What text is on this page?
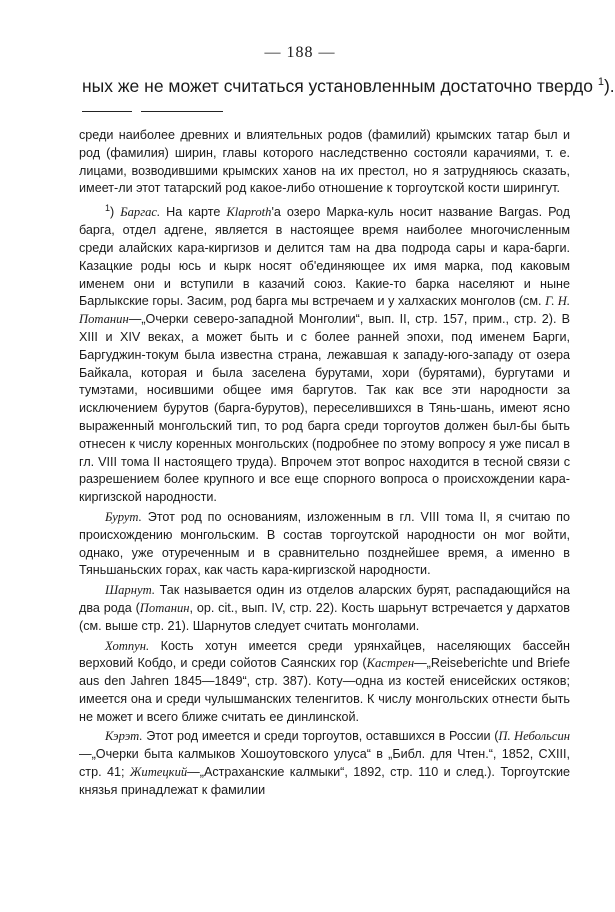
— 188 —
ных же не может считаться установленным достаточно твердо $^1$).

среди наиболее древних и влиятельных родов (фамилий) крымских татар был и род (фамилия) ширин, главы которого наследственно состояли карачиями, т. е. лицами, возводившими крымских ханов на их престол, но я затрудняюсь сказать, имеет-ли этот татарский род какое-либо отношение к торгоутской кости ширингут.

$^1$) Баргас. На карте Klaproth'а озеро Марка-куль носит название Bargas. Род барга, отдел адгене, является в настоящее время наиболее многочисленным среди алайских кара-киргизов и делится там на два подрода сары и кара-барги. Казацкие роды юсь и кырк носят об'единяющее их имя марка, под каковым именем они и вступили в казачий союз. Какие-то барка населяют и ныне Барлыкские горы. Засим, род барга мы встречаем и у халхаских монголов (см. Г. Н. Потанин—„Очерки северо-западной Монголии“, вып. II, стр. 157, прим., стр. 2). В XIII и XIV веках, а может быть и с более ранней эпохи, под именем Барги, Баргуджин-токум была известна страна, лежавшая к западу-юго-западу от озера Байкала, которая и была заселена бурутами, хори (бурятами), бургутами и тумэтами, носившими общее имя баргутов. Так как все эти народности за исключением бурутов (барга-бурутов), переселившихся в Тянь-шань, имеют ясно выраженный монгольский тип, то род барга среди торгоутов должен был-бы быть отнесен к числу коренных монгольских (подробнее по этому вопросу я уже писал в гл. VIII тома II настоящего труда). Впрочем этот вопрос находится в тесной связи с разрешением более крупного и все еще спорного вопроса о происхождении кара-киргизской народности.

Бурут. Этот род по основаниям, изложенным в гл. VIII тома II, я считаю по происхождению монгольским. В состав торгоутской народности он мог войти, однако, уже отуреченным и в сравнительно позднейшее время, а именно в Тяньшаньских горах, как часть кара-киргизской народности.

Шарнут. Так называется один из отделов аларских бурят, распадающийся на два рода (Потанин, op. cit., вып. IV, стр. 22). Кость шарьнут встречается у дархатов (см. выше стр. 21). Шарнутов следует считать монголами.

Хотпун. Кость хотун имеется среди урянхайцев, населяющих бассейн верховий Кобдо, и среди сойотов Саянских гор (Кастрен—„Reiseberichte und Briefe aus den Jahren 1845—1849“, стр. 387). Коту—одна из костей енисейских остяков; имеется она и среди чулышманских теленгитов. К числу монгольских отнести быть не может и всего ближе считать ее динлинской.

Кэрэт. Этот род имеется и среди торгоутов, оставшихся в России (П. Небольсин—„Очерки быта калмыков Хошоутовского улуса“ в „Библ. для Чтен.“, 1852, CXIII, стр. 41; Житецкий—„Астраханские калмыки“, 1892, стр. 110 и след.). Торгоутские князья принадлежат к фамилии
